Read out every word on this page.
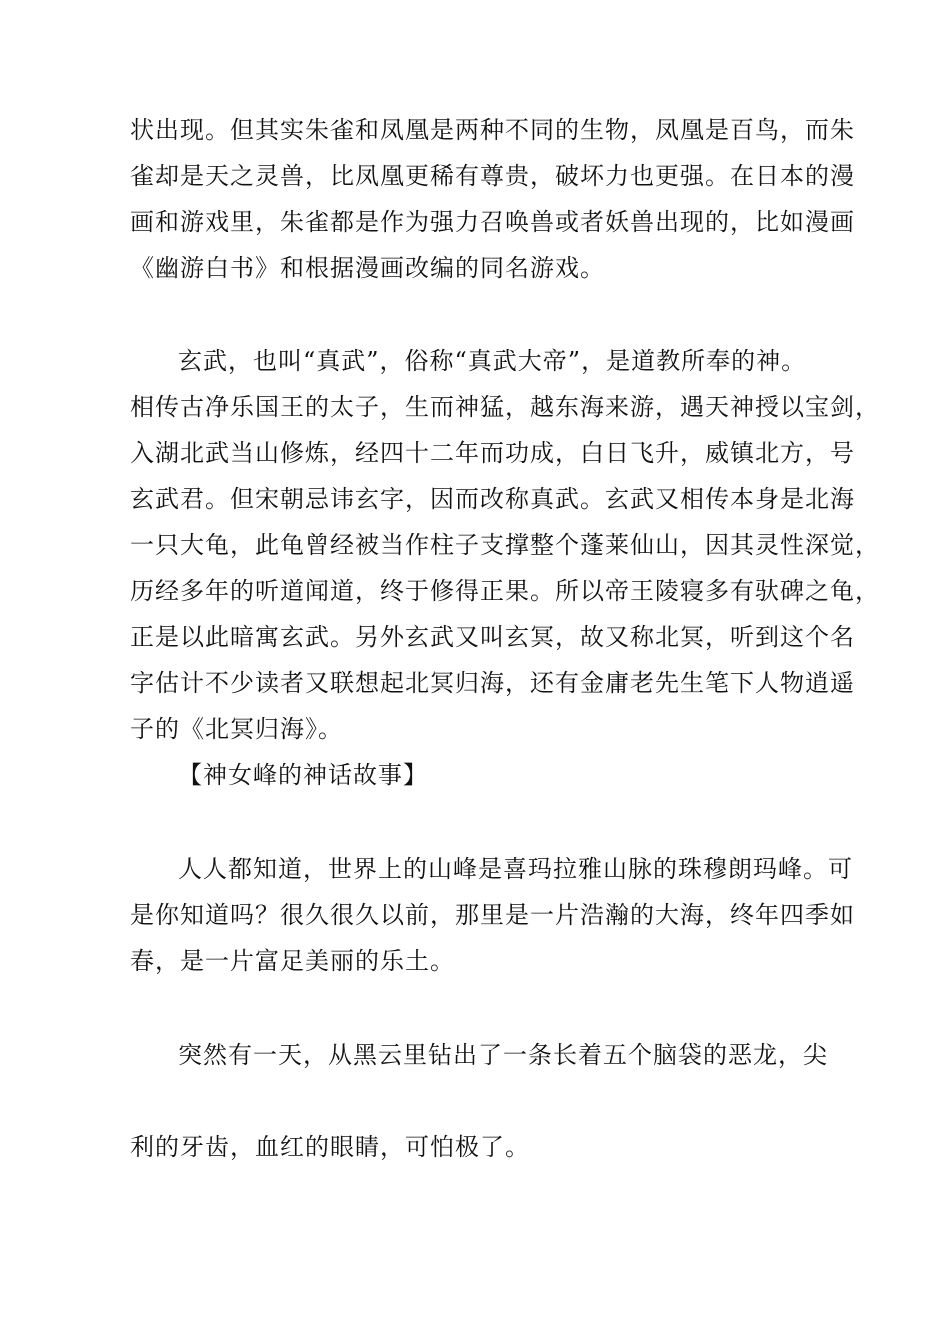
状出现。但其实朱雀和凤凰是两种不同的生物，凤凰是百鸟，而朱
雀却是天之灵兽，比凤凰更稀有尊贵，破坏力也更强。在日本的漫
画和游戏里，朱雀都是作为强力召唤兽或者妖兽出现的，比如漫画
《幽游白书》和根据漫画改编的同名游戏。
玄武，也叫“真武”，俗称“真武大帝”，是道教所奉的神。
相传古净乐国王的太子，生而神猛，越东海来游，遇天神授以宝剑，
入湖北武当山修炼，经四十二年而功成，白日飞升，威镇北方，号
玄武君。但宋朝忌讳玄字，因而改称真武。玄武又相传本身是北海
一只大龟，此龟曾经被当作柱子支撑整个蓬莱仙山，因其灵性深觉，
历经多年的听道闻道，终于修得正果。所以帝王陵寝多有驮碑之龟，
正是以此暗寓玄武。另外玄武又叫玄冥，故又称北冥，听到这个名
字估计不少读者又联想起北冥归海，还有金庸老先生笔下人物逍遥
子的《北冥归海》。
【神女峰的神话故事】
人人都知道，世界上的山峰是喜玛拉雅山脉的珠穆朗玛峰。可
是你知道吗？很久很久以前，那里是一片浩瀚的大海，终年四季如
春，是一片富足美丽的乐土。
突然有一天，从黑云里钻出了一条长着五个脑袋的恶龙，尖
利的牙齿，血红的眼睛，可怕极了。
